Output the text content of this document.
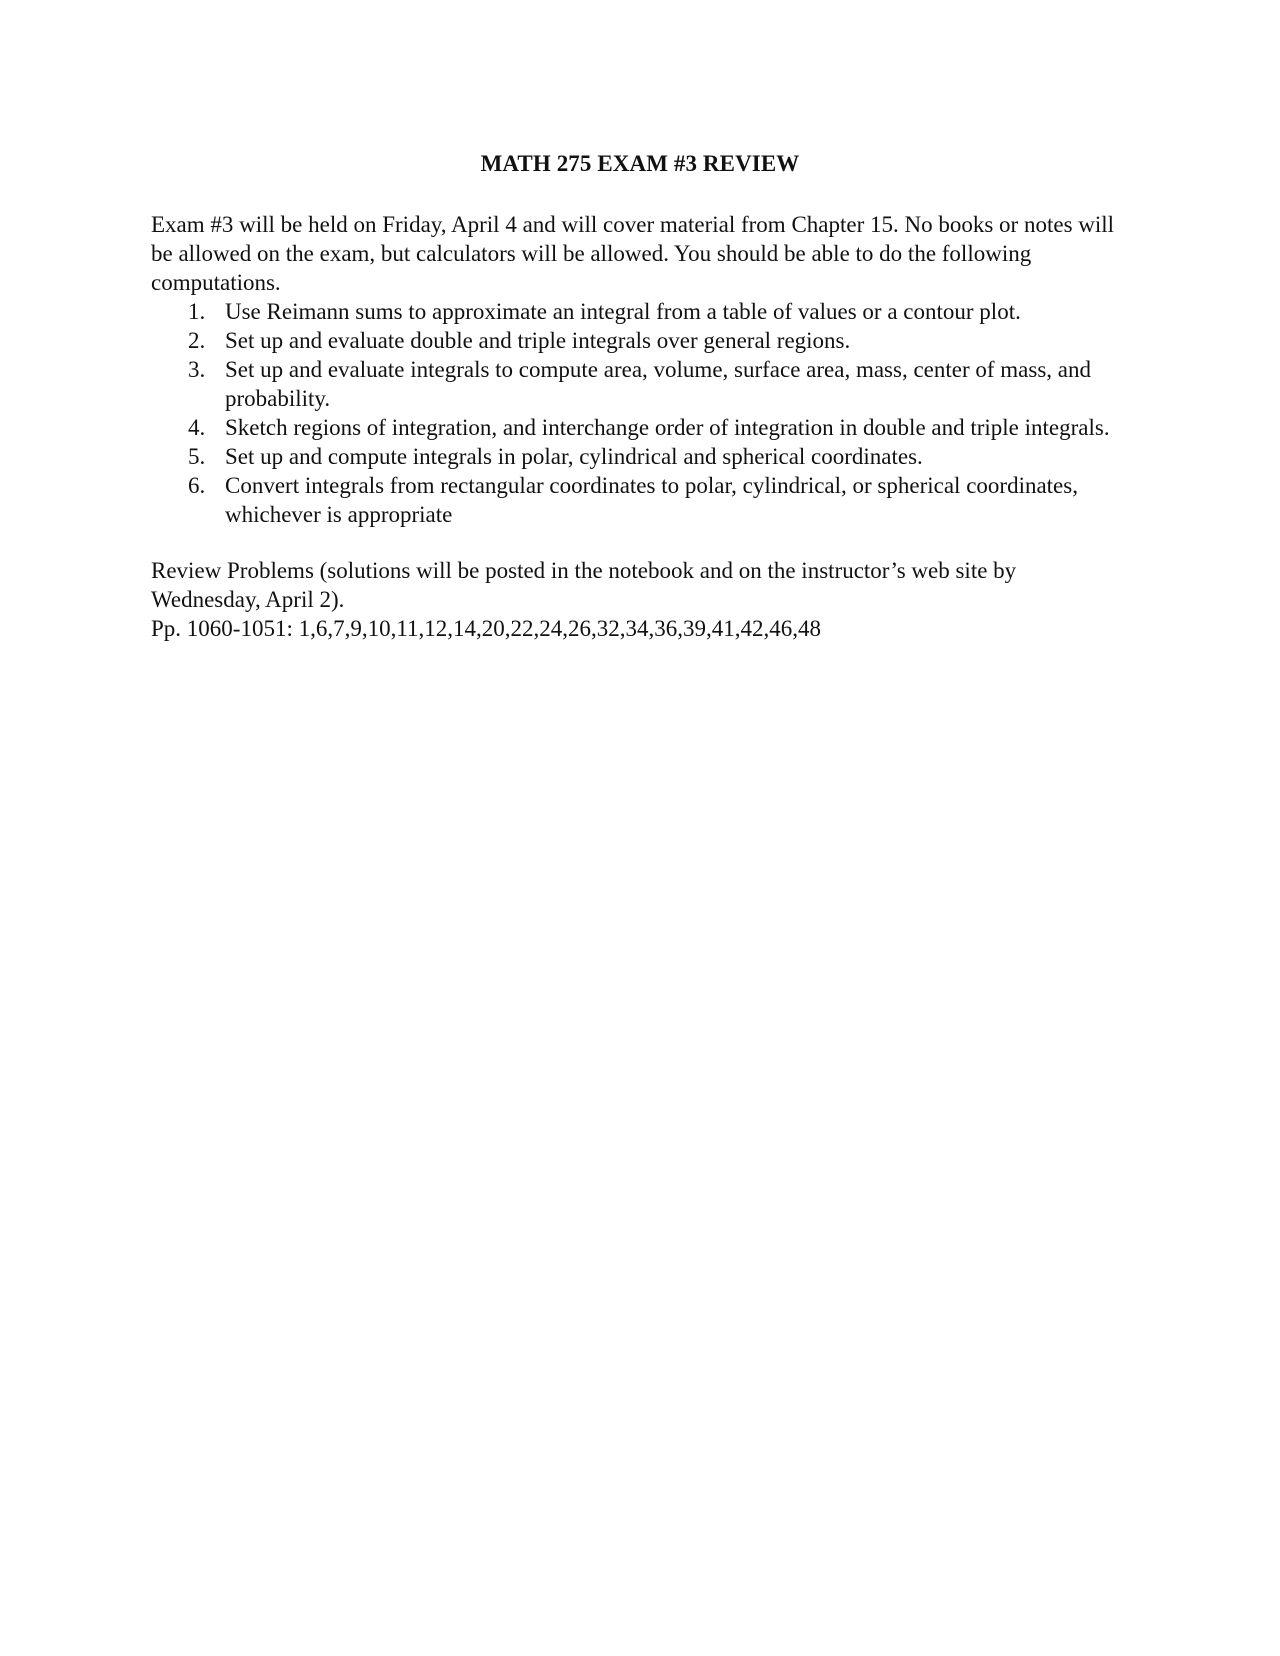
MATH 275 EXAM #3 REVIEW

Exam #3 will be held on Friday, April 4 and will cover material from Chapter 15. No books or notes will be allowed on the exam, but calculators will be allowed. You should be able to do the following computations.

1. Use Reimann sums to approximate an integral from a table of values or a contour plot.
2. Set up and evaluate double and triple integrals over general regions.
3. Set up and evaluate integrals to compute area, volume, surface area, mass, center of mass, and probability.
4. Sketch regions of integration, and interchange order of integration in double and triple integrals.
5. Set up and compute integrals in polar, cylindrical and spherical coordinates.
6. Convert integrals from rectangular coordinates to polar, cylindrical, or spherical coordinates, whichever is appropriate

Review Problems (solutions will be posted in the notebook and on the instructor’s web site by Wednesday, April 2).

Pp. 1060-1051: 1,6,7,9,10,11,12,14,20,22,24,26,32,34,36,39,41,42,46,48
